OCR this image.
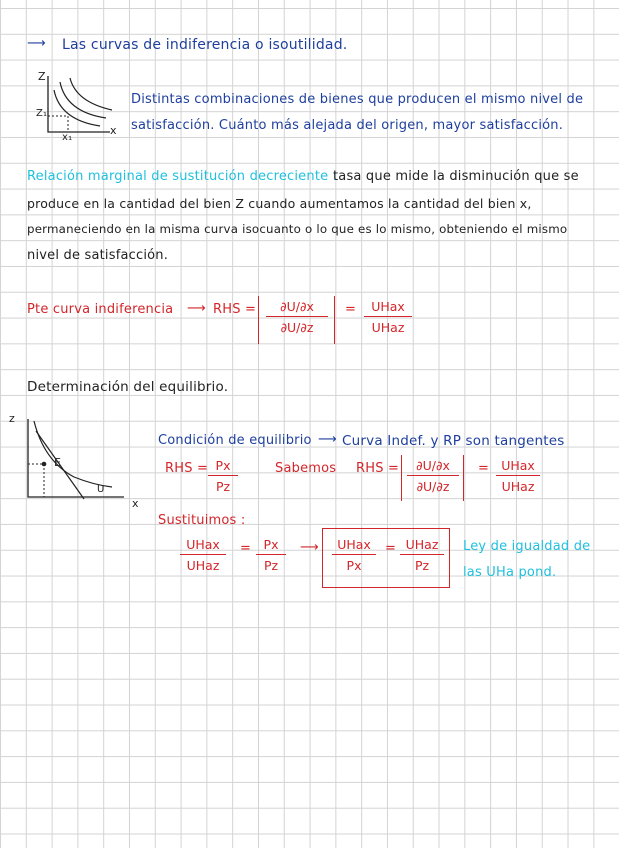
⟶ Las curvas de indiferencia o isoutilidad.
Z
Z₁
x₁
x
Distintas combinaciones de bienes que producen el mismo nivel de
satisfacción. Cuánto más alejada del origen, mayor satisfacción.
Relación marginal de sustitución decreciente :
tasa que mide la disminución que se
produce en la cantidad del bien Z cuando aumentamos la cantidad del bien x,
permaneciendo en la misma curva isocuanto o lo que es lo mismo, obteniendo el mismo
nivel de satisfacción.
Pte curva indiferencia ⟶ RHS = $\frac{\partial U/\partial x}{\partial U/\partial z}$ =	UHax
UHaz
Determinación del equilibrio.
z
E
U
x
Condición de equilibrio ⟶ Curva Indef. y RP son tangentes
RHS = $\frac{Px}{Pz}$	Sabemos RHS = $\frac{\partial U/\partial x}{\partial U/\partial z}$ = UHax
UHaz
Sustituimos :
UHax
UHaz
= $\frac{Px}{Pz}$ ⟶	UHax
Px
= UHaz
Pz
Ley de igualdad de
las UHa pond.
